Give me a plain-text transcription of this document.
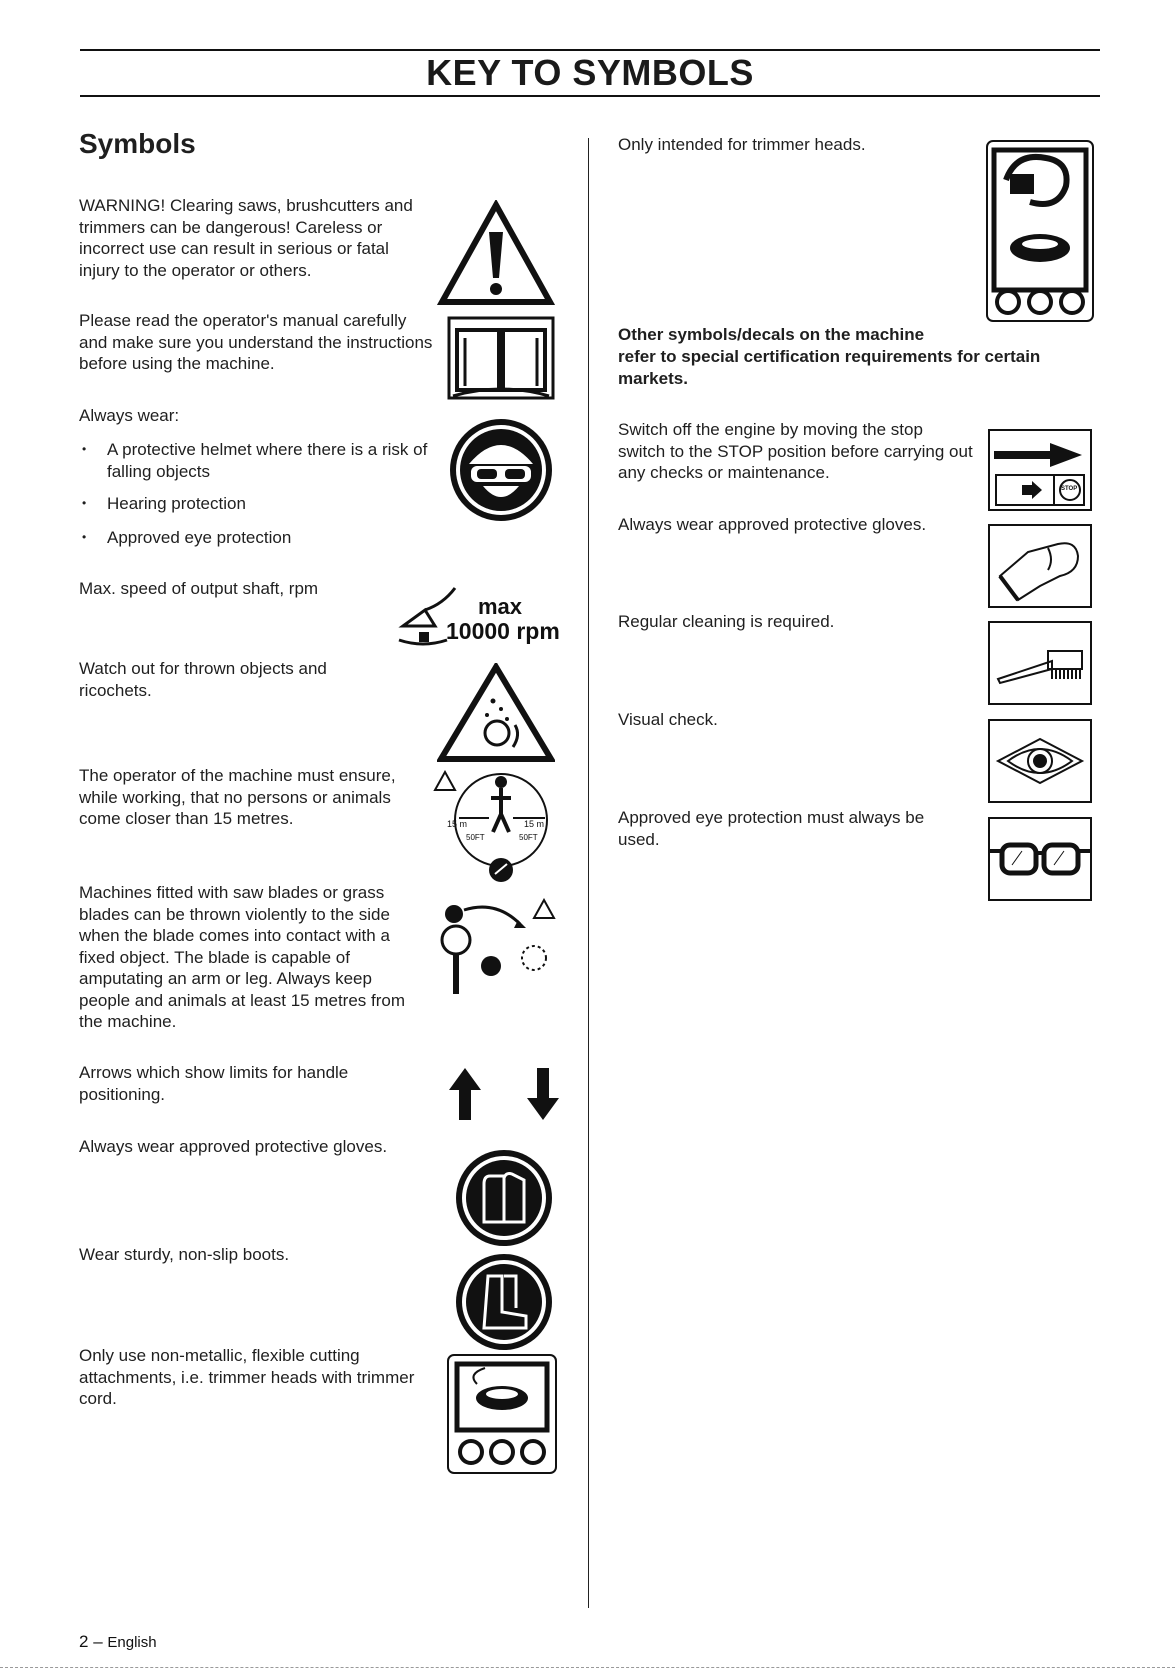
KEY TO SYMBOLS
Symbols
WARNING! Clearing saws, brushcutters and trimmers can be dangerous! Careless or incorrect use can result in serious or fatal injury to the operator or others.
Please read the operator's manual carefully and make sure you understand the instructions before using the machine.
Always wear:
• A protective helmet where there is a risk of falling objects
• Hearing protection
• Approved eye protection
Max. speed of output shaft, rpm
Watch out for thrown objects and ricochets.
The operator of the machine must ensure, while working, that no persons or animals come closer than 15 metres.
Machines fitted with saw blades or grass blades can be thrown violently to the side when the blade comes into contact with a fixed object. The blade is capable of amputating an arm or leg. Always keep people and animals at least 15 metres from the machine.
Arrows which show limits for handle positioning.
Always wear approved protective gloves.
Wear sturdy, non-slip boots.
Only use non-metallic, flexible cutting attachments, i.e. trimmer heads with trimmer cord.
Only intended for trimmer heads.
Other symbols/decals on the machine
refer to special certification requirements for certain markets.
Switch off the engine by moving the stop switch to the STOP position before carrying out any checks or maintenance.
Always wear approved protective gloves.
Regular cleaning is required.
Visual check.
Approved eye protection must always be used.
max
10000 rpm
15 m	15 m
50FT	50FT
STOP
2 – English
